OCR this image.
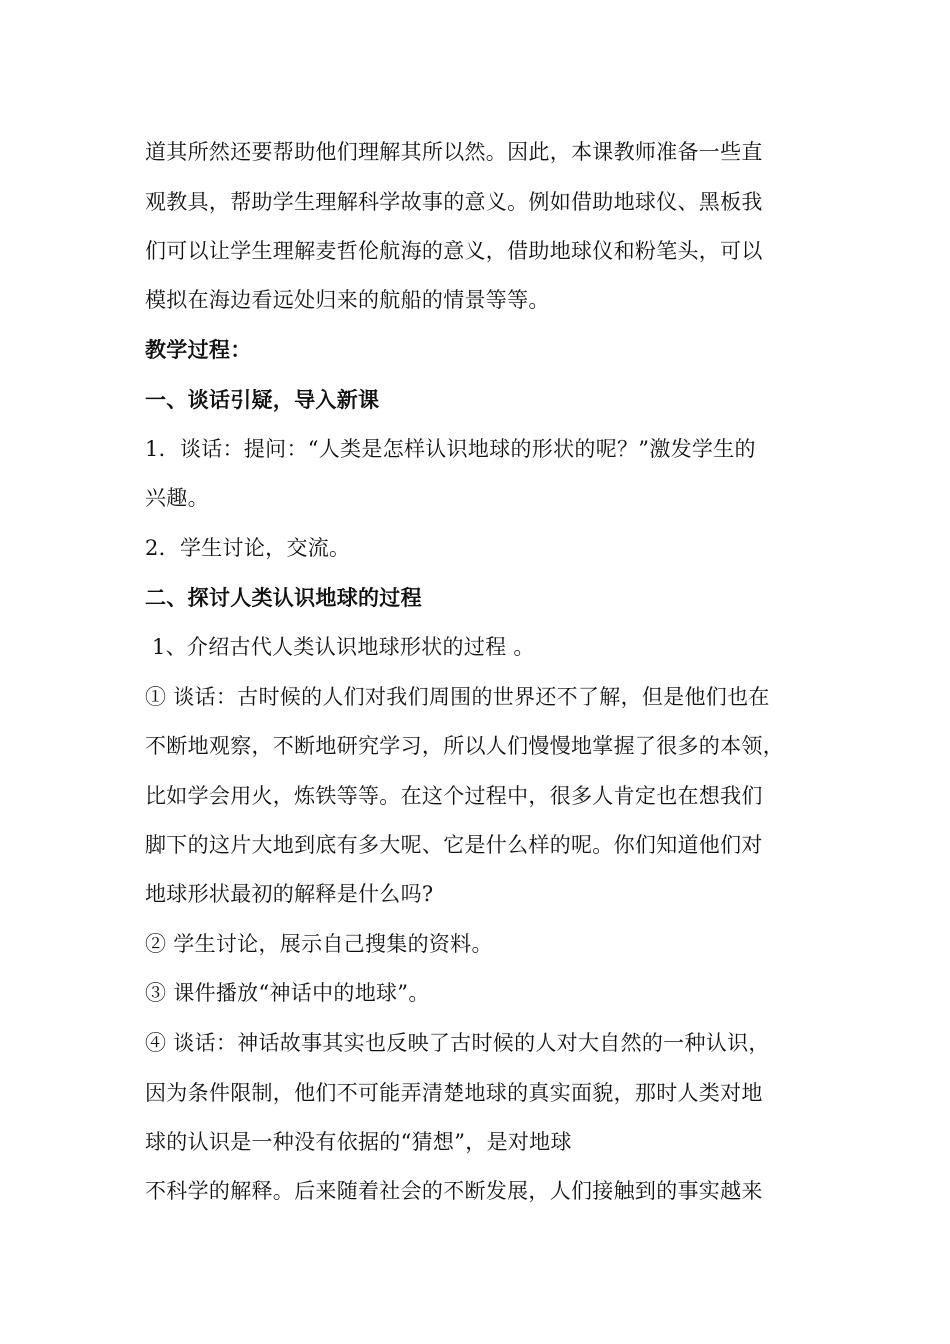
道其所然还要帮助他们理解其所以然。因此，本课教师准备一些直
观教具，帮助学生理解科学故事的意义。例如借助地球仪、黑板我
们可以让学生理解麦哲伦航海的意义，借助地球仪和粉笔头，可以
模拟在海边看远处归来的航船的情景等等。
教学过程：
一、谈话引疑，导入新课
1．谈话：提问：“人类是怎样认识地球的形状的呢？”激发学生的
兴趣。
2．学生讨论，交流。
二、探讨人类认识地球的过程
1、介绍古代人类认识地球形状的过程 。
① 谈话：古时候的人们对我们周围的世界还不了解，但是他们也在
不断地观察，不断地研究学习，所以人们慢慢地掌握了很多的本领，
比如学会用火，炼铁等等。在这个过程中，很多人肯定也在想我们
脚下的这片大地到底有多大呢、它是什么样的呢。你们知道他们对
地球形状最初的解释是什么吗?
② 学生讨论，展示自己搜集的资料。
③ 课件播放“神话中的地球”。
④ 谈话：神话故事其实也反映了古时候的人对大自然的一种认识，
因为条件限制，他们不可能弄清楚地球的真实面貌，那时人类对地
球的认识是一种没有依据的“猜想”，是对地球
不科学的解释。后来随着社会的不断发展，人们接触到的事实越来
